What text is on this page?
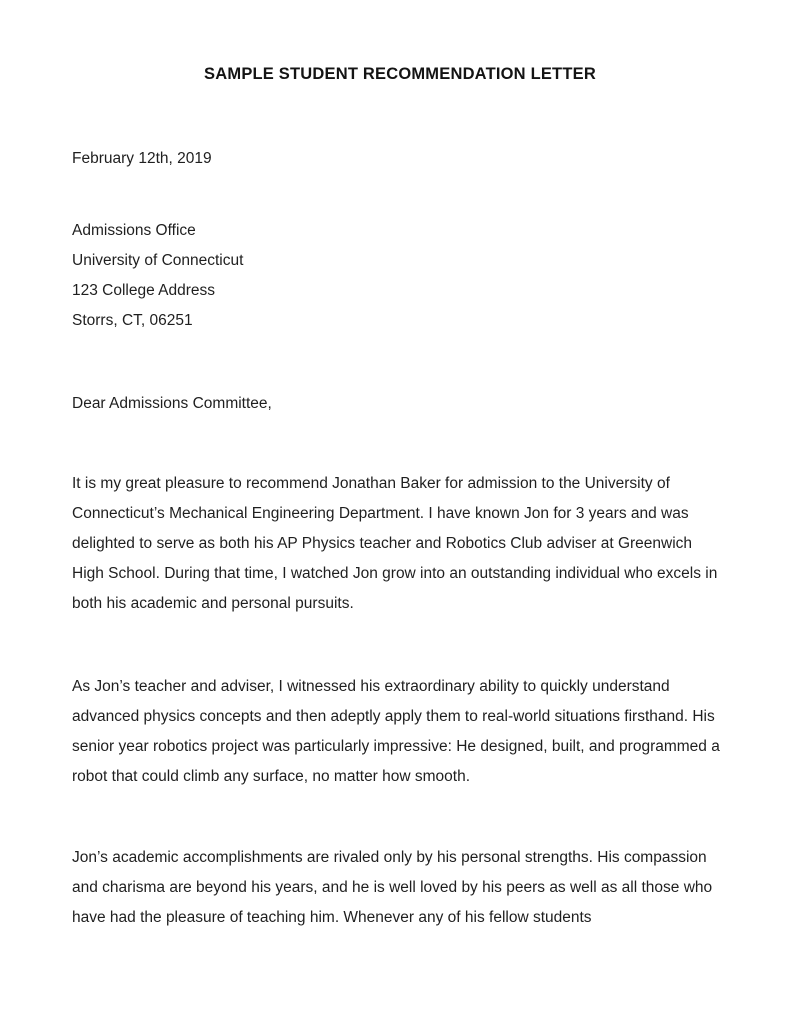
SAMPLE STUDENT RECOMMENDATION LETTER
February 12th, 2019
Admissions Office
University of Connecticut
123 College Address
Storrs, CT, 06251
Dear Admissions Committee,

It is my great pleasure to recommend Jonathan Baker for admission to the University of Connecticut’s Mechanical Engineering Department. I have known Jon for 3 years and was delighted to serve as both his AP Physics teacher and Robotics Club adviser at Greenwich High School. During that time, I watched Jon grow into an outstanding individual who excels in both his academic and personal pursuits.

As Jon’s teacher and adviser, I witnessed his extraordinary ability to quickly understand advanced physics concepts and then adeptly apply them to real-world situations firsthand. His senior year robotics project was particularly impressive: He designed, built, and programmed a robot that could climb any surface, no matter how smooth.

Jon’s academic accomplishments are rivaled only by his personal strengths. His compassion and charisma are beyond his years, and he is well loved by his peers as well as all those who have had the pleasure of teaching him. Whenever any of his fellow students
